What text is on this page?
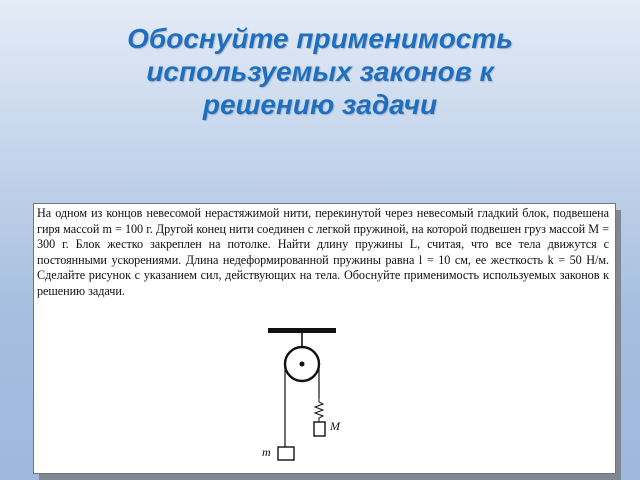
Обоснуйте применимость
используемых законов к
решению задачи
На одном из концов невесомой нерастяжимой нити, перекинутой через невесомый гладкий блок, подвешена гиря массой m = 100 г. Другой конец нити соединен с легкой пружиной, на которой подвешен груз массой M = 300 г. Блок жестко закреплен на потолке. Найти длину пружины L, считая, что все тела движутся с постоянными ускорениями. Длина недеформированной пружины равна l = 10 см, ее жесткость k = 50 Н/м. Сделайте рисунок с указанием сил, действующих на тела. Обоснуйте применимость используемых законов к решению задачи.
M
m
